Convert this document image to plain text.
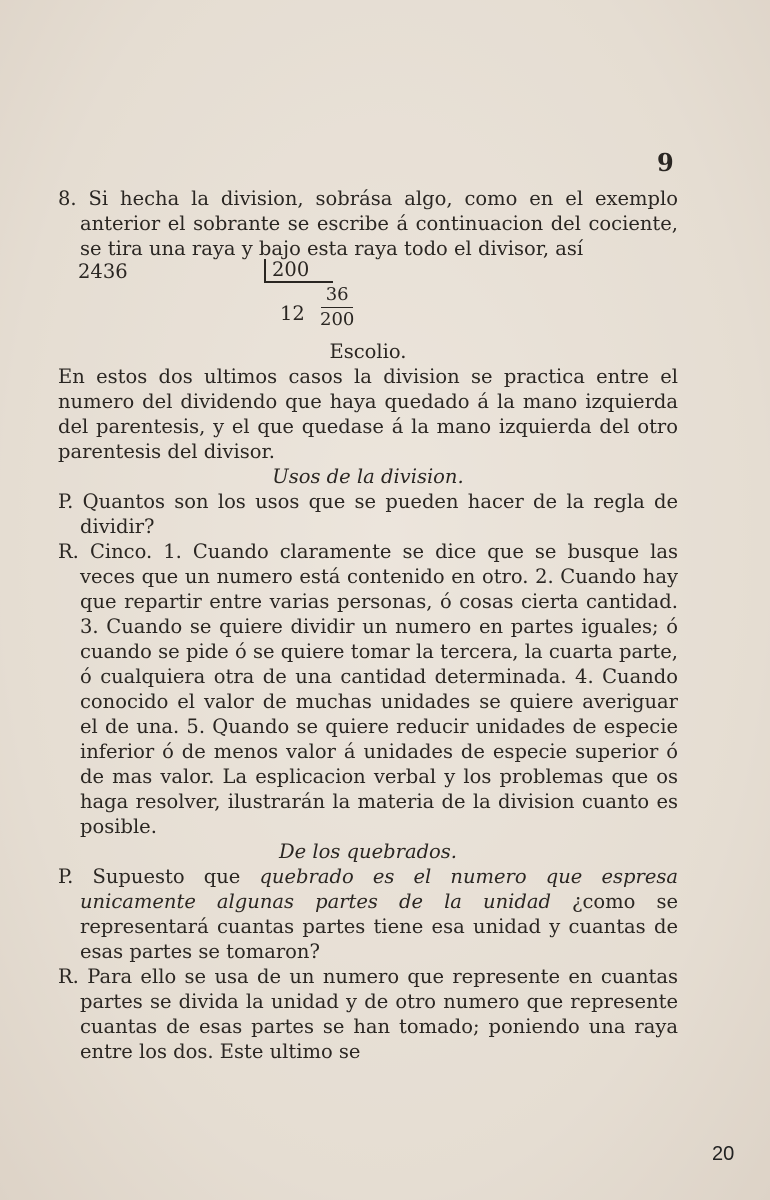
9

8. Si hecha la division, sobrása algo, como en el exemplo anterior el sobrante se escribe á continuacion del cociente, se tira una raya y bajo esta raya todo el divisor, así

2436	200
12
36
200

Escolio.

En estos dos ultimos casos la division se practica entre el numero del dividendo que haya quedado á la mano izquierda del parentesis, y el que quedase á la mano izquierda del otro parentesis del divisor.

Usos de la division.

P. Quantos son los usos que se pueden hacer de la regla de dividir?

R. Cinco. 1. Cuando claramente se dice que se busque las veces que un numero está contenido en otro. 2. Cuando hay que repartir entre varias personas, ó cosas cierta cantidad. 3. Cuando se quiere dividir un numero en partes iguales; ó cuando se pide ó se quiere tomar la tercera, la cuarta parte, ó cualquiera otra de una cantidad determinada. 4. Cuando conocido el valor de muchas unidades se quiere averiguar el de una. 5. Quando se quiere reducir unidades de especie inferior ó de menos valor á unidades de especie superior ó de mas valor. La esplicacion verbal y los problemas que os haga resolver, ilustrarán la materia de la division cuanto es posible.

De los quebrados.

P. Supuesto que quebrado es el numero que espresa unicamente algunas partes de la unidad ¿como se representará cuantas partes tiene esa unidad y cuantas de esas partes se tomaron?

R. Para ello se usa de un numero que represente en cuantas partes se divida la unidad y de otro numero que represente cuantas de esas partes se han tomado; poniendo una raya entre los dos. Este ultimo se

20
